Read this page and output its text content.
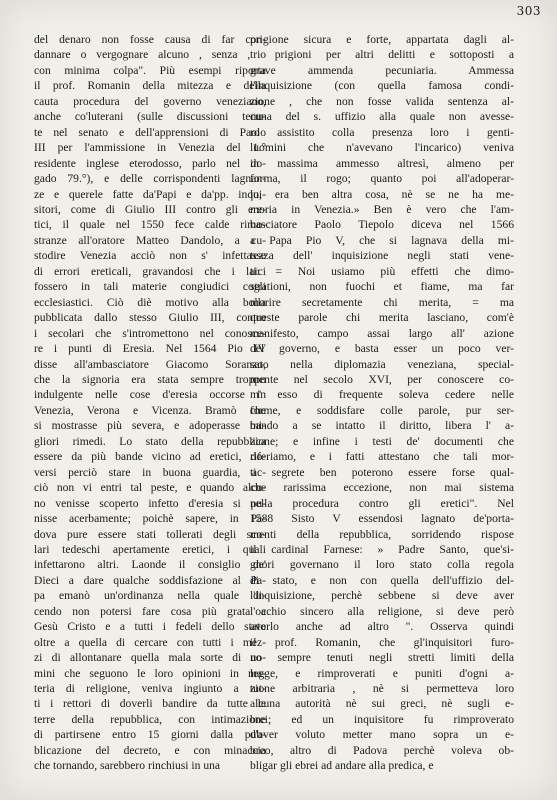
303
del denaro non fosse causa di far con-
dannare o vergognare alcuno , senza , o
con minima colpa". Più esempi riporta
il prof. Romanin della mitezza e della
cauta procedura del governo veneziano,
anche co'luterani (sulle discussioni tenu-
te nel senato e dell'apprensioni di Paolo
III per l'ammissione in Venezia del 1.°
residente inglese eterodosso, parlo nel do-
gado 79.°), e delle corrispondenti lagnan-
ze e querele fatte da'Papi e da'pp. inqui-
sitori, come di Giulio III contro gli ere-
tici, il quale nel 1550 fece calde rimo-
stranze all'oratore Matteo Dandolo, a cu-
stodire Venezia acciò non s' infettasse
di errori ereticali, gravandosi che i laici
fossero in tali materie congiudici cogli
ecclesiastici. Ciò diè motivo alla bolla
pubblicata dallo stesso Giulio III, contro
i secolari che s'intromettono nel conosce-
re i punti di Eresia. Nel 1564 Pio IV
disse all'ambasciatore Giacomo Soranzo,
che la signoria era stata sempre troppo
indulgente nelle cose d'eresia occorse in
Venezia, Verona e Vicenza. Bramò che
si mostrasse più severa, e adoperasse mi-
gliori rimedi. Lo stato della repubblica
essere da più bande vicino ad eretici, do-
versi perciò stare in buona guardia, ac-
ciò non vi entri tal peste, e quando alcu-
no venisse scoperto infetto d'eresia si pu-
nisse acerbamente; poichè sapere, in Pa-
dova pure essere stati tollerati degli sco-
lari tedeschi apertamente eretici, i quali
infettarono altri. Laonde il consiglio de'
Dieci a dare qualche soddisfazione al Pa-
pa emanò un'ordinanza nella quale di-
cendo non potersi fare cosa più grata a
Gesù Cristo e a tutti i fedeli dello stato
oltre a quella di cercare con tutti i mez-
zi di allontanare quella mala sorte di uo-
mini che seguono le loro opinioni in ma-
teria di religione, veniva ingiunto a tut-
ti i rettori di doverli bandire da tutte le
terre della repubblica, con intimazione
di partirsene entro 15 giorni dalla pub-
blicazione del decreto, e con minaccia
che tornando, sarebbero rinchiusi in una
prigione sicura e forte, appartata dagli al-
tri prigioni per altri delitti e sottoposti a
grave ammenda pecuniaria. Ammessa
l'inquisizione (con quella famosa condi-
zione , che non fosse valida sentenza al-
cuna del s. uffizio alla quale non avesse-
ro assistito colla presenza loro i genti-
luomini che n'avevano l'incarico) veniva
in massima ammesso altresì, almeno per
forma, il rogo; quanto poi all'adoperar-
lo, era ben altra cosa, nè se ne ha me-
moria in Venezia.» Ben è vero che l'am-
basciatore Paolo Tiepolo diceva nel 1566
a Papa Pio V, che si lagnava della mi-
tezza dell' inquisizione negli stati vene-
ti: = Noi usiamo più effetti che dimo-
strationi, non fuochi et fiame, ma far
morire secretamente chi merita, = ma
queste parole chi merita lasciano, com'è
manifesto, campo assai largo all' azione
del governo, e basta esser un poco ver-
sato nella diplomazia veneziana, special-
mente nel secolo XVI, per conoscere co-
m' esso di frequente soleva cedere nelle
forme, e soddisfare colle parole, pur ser-
bando a se intatto il diritto, libera l' a-
zione; e infine i testi de' documenti che
riferiamo, e i fatti attestano che tali mor-
ti segrete ben poterono essere forse qual-
che rarissima eccezione, non mai sistema
nella procedura contro gli eretici". Nel
1588 Sisto V essendosi lagnato de'porta-
menti della repubblica, sorridendo rispose
il cardinal Farnese: » Padre Santo, que'si-
gnori governano il loro stato colla regola
di stato, e non con quella dell'uffizio del-
l'inquisizione, perchè sebbene si deve aver
l'occhio sincero alla religione, si deve però
averlo anche ad altro ". Osserva quindi
il prof. Romanin, che gl'inquisitori furo-
no sempre tenuti negli stretti limiti della
legge, e rimproverati e puniti d'ogni a-
zione arbitraria , nè si permetteva loro
alcuna autorità nè sui greci, nè sugli e-
brei; ed un inquisitore fu rimproverato
d'aver voluto metter mano sopra un e-
breo, altro di Padova perchè voleva ob-
bligar gli ebrei ad andare alla predica, e
